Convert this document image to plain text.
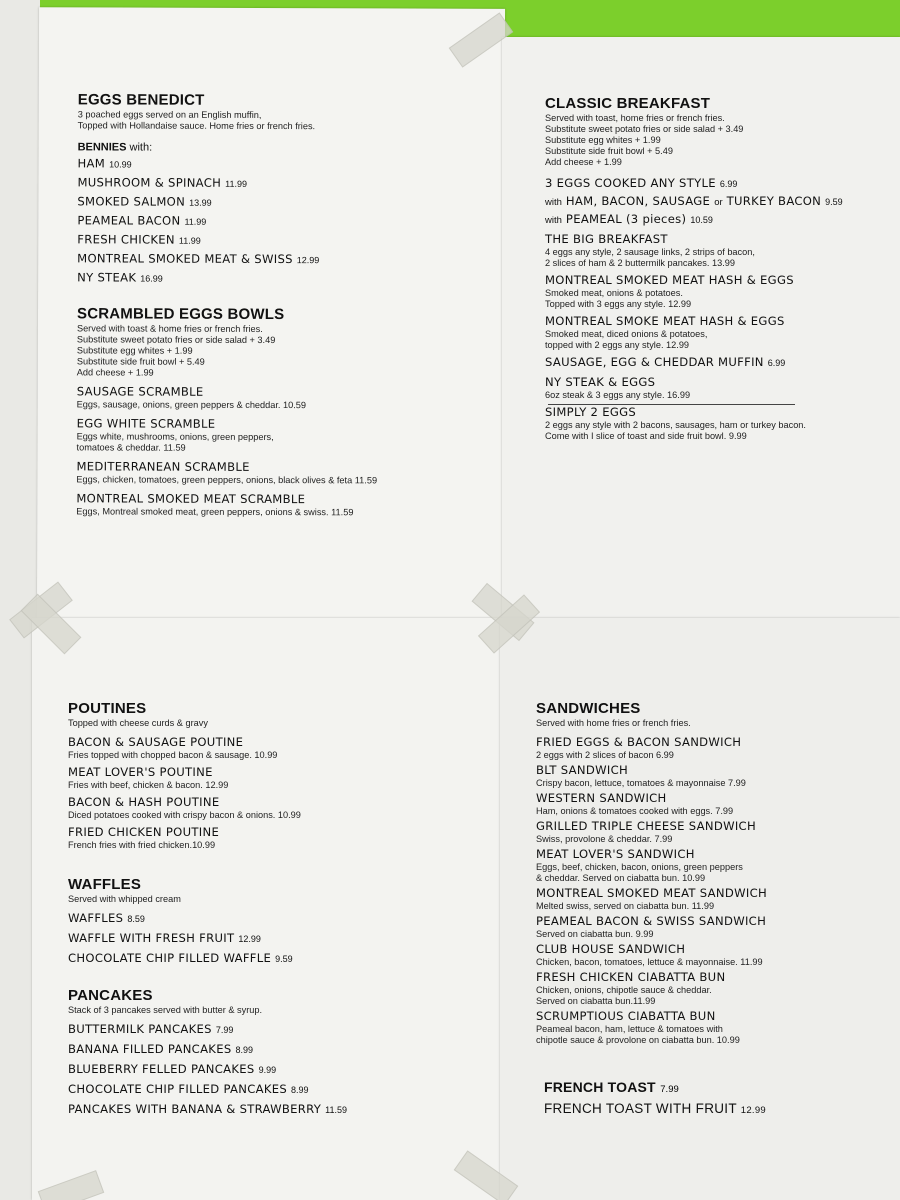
EGGS BENEDICT

3 poached eggs served on an English muffin,

Topped with Hollandaise sauce. Home fries or french fries.

BENNIES with:

HAM 10.99

MUSHROOM & SPINACH 11.99

SMOKED SALMON 13.99

PEAMEAL BACON 11.99

FRESH CHICKEN 11.99

MONTREAL SMOKED MEAT & SWISS 12.99

NY STEAK 16.99

SCRAMBLED EGGS BOWLS

Served with toast & home fries or french fries.

Substitute sweet potato fries or side salad + 3.49

Substitute egg whites + 1.99

Substitute side fruit bowl + 5.49

Add cheese + 1.99

SAUSAGE SCRAMBLE

Eggs, sausage, onions, green peppers & cheddar. 10.59

EGG WHITE SCRAMBLE

Eggs white, mushrooms, onions, green peppers,

tomatoes & cheddar. 11.59

MEDITERRANEAN SCRAMBLE

Eggs, chicken, tomatoes, green peppers, onions, black olives & feta 11.59

MONTREAL SMOKED MEAT SCRAMBLE

Eggs, Montreal smoked meat, green peppers, onions & swiss. 11.59

CLASSIC BREAKFAST

Served with toast, home fries or french fries.

Substitute sweet potato fries or side salad + 3.49

Substitute egg whites + 1.99

Substitute side fruit bowl + 5.49

Add cheese + 1.99

3 EGGS COOKED ANY STYLE 6.99

with HAM, BACON, SAUSAGE or TURKEY BACON 9.59

with PEAMEAL (3 pieces) 10.59

THE BIG BREAKFAST

4 eggs any style, 2 sausage links, 2 strips of bacon,

2 slices of ham & 2 buttermilk pancakes. 13.99

MONTREAL SMOKED MEAT HASH & EGGS

Smoked meat, onions & potatoes.

Topped with 3 eggs any style. 12.99

MONTREAL SMOKE MEAT HASH & EGGS

Smoked meat, diced onions & potatoes,

topped with 2 eggs any style. 12.99

SAUSAGE, EGG & CHEDDAR MUFFIN 6.99

NY STEAK & EGGS

6oz steak & 3 eggs any style. 16.99

SIMPLY 2 EGGS

2 eggs any style with 2 bacons, sausages, ham or turkey bacon.

Come with I slice of toast and side fruit bowl. 9.99

POUTINES

Topped with cheese curds & gravy

BACON & SAUSAGE POUTINE

Fries topped with chopped bacon & sausage. 10.99

MEAT LOVER'S POUTINE

Fries with beef, chicken & bacon. 12.99

BACON & HASH POUTINE

Diced potatoes cooked with crispy bacon & onions. 10.99

FRIED CHICKEN POUTINE

French fries with fried chicken.10.99

WAFFLES

Served with whipped cream

WAFFLES 8.59

WAFFLE WITH FRESH FRUIT 12.99

CHOCOLATE CHIP FILLED WAFFLE 9.59

PANCAKES

Stack of 3 pancakes served with butter & syrup.

BUTTERMILK PANCAKES 7.99

BANANA FILLED PANCAKES 8.99

BLUEBERRY FELLED PANCAKES 9.99

CHOCOLATE CHIP FILLED PANCAKES 8.99

PANCAKES WITH BANANA & STRAWBERRY 11.59

SANDWICHES

Served with home fries or french fries.

FRIED EGGS & BACON SANDWICH

2 eggs with 2 slices of bacon 6.99

BLT SANDWICH

Crispy bacon, lettuce, tomatoes & mayonnaise 7.99

WESTERN SANDWICH

Ham, onions & tomatoes cooked with eggs. 7.99

GRILLED TRIPLE CHEESE SANDWICH

Swiss, provolone & cheddar. 7.99

MEAT LOVER'S SANDWICH

Eggs, beef, chicken, bacon, onions, green peppers

& cheddar. Served on ciabatta bun. 10.99

MONTREAL SMOKED MEAT SANDWICH

Melted swiss, served on ciabatta bun. 11.99

PEAMEAL BACON & SWISS SANDWICH

Served on ciabatta bun. 9.99

CLUB HOUSE SANDWICH

Chicken, bacon, tomatoes, lettuce & mayonnaise. 11.99

FRESH CHICKEN CIABATTA BUN

Chicken, onions, chipotle sauce & cheddar.

Served on ciabatta bun.11.99

SCRUMPTIOUS CIABATTA BUN

Peameal bacon, ham, lettuce & tomatoes with

chipotle sauce & provolone on ciabatta bun. 10.99

FRENCH TOAST 7.99

FRENCH TOAST WITH FRUIT 12.99
